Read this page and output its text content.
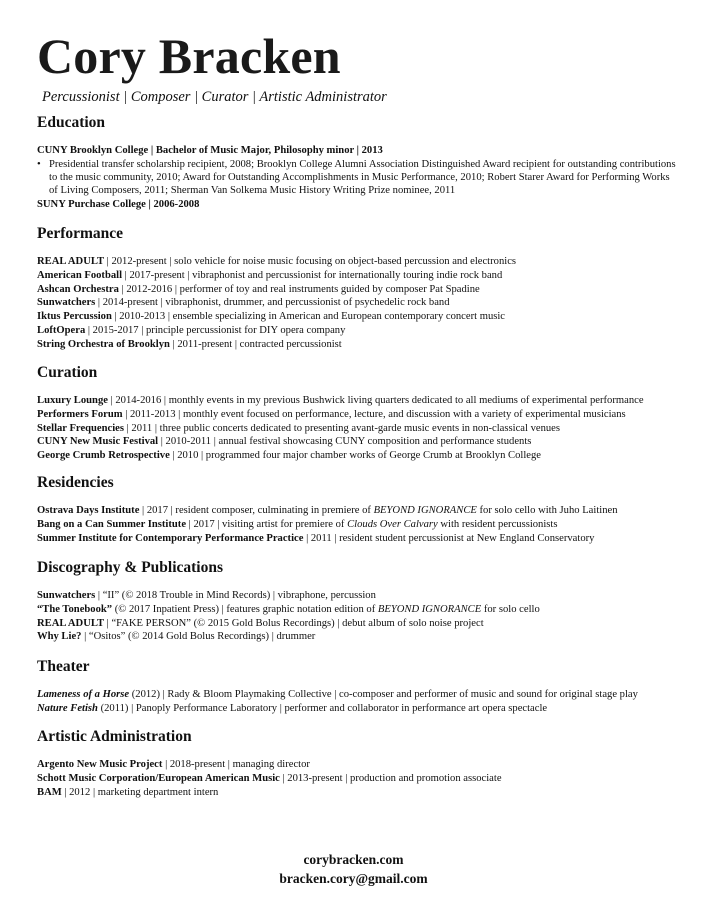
Cory Bracken
Percussionist | Composer | Curator | Artistic Administrator
Education
CUNY Brooklyn College | Bachelor of Music Major, Philosophy minor | 2013
• Presidential transfer scholarship recipient, 2008; Brooklyn College Alumni Association Distinguished Award recipient for outstanding contributions to the music community, 2010; Award for Outstanding Accomplishments in Music Performance, 2010; Robert Starer Award for Performing Works of Living Composers, 2011; Sherman Van Solkema Music History Writing Prize nominee, 2011
SUNY Purchase College | 2006-2008
Performance
REAL ADULT | 2012-present | solo vehicle for noise music focusing on object-based percussion and electronics
American Football | 2017-present | vibraphonist and percussionist for internationally touring indie rock band
Ashcan Orchestra | 2012-2016 | performer of toy and real instruments guided by composer Pat Spadine
Sunwatchers | 2014-present | vibraphonist, drummer, and percussionist of psychedelic rock band
Iktus Percussion | 2010-2013 | ensemble specializing in American and European contemporary concert music
LoftOpera | 2015-2017 | principle percussionist for DIY opera company
String Orchestra of Brooklyn | 2011-present | contracted percussionist
Curation
Luxury Lounge | 2014-2016 | monthly events in my previous Bushwick living quarters dedicated to all mediums of experimental performance
Performers Forum | 2011-2013 | monthly event focused on performance, lecture, and discussion with a variety of experimental musicians
Stellar Frequencies | 2011 | three public concerts dedicated to presenting avant-garde music events in non-classical venues
CUNY New Music Festival | 2010-2011 | annual festival showcasing CUNY composition and performance students
George Crumb Retrospective | 2010 | programmed four major chamber works of George Crumb at Brooklyn College
Residencies
Ostrava Days Institute | 2017 | resident composer, culminating in premiere of BEYOND IGNORANCE for solo cello with Juho Laitinen
Bang on a Can Summer Institute | 2017 | visiting artist for premiere of Clouds Over Calvary with resident percussionists
Summer Institute for Contemporary Performance Practice | 2011 | resident student percussionist at New England Conservatory
Discography & Publications
Sunwatchers | “II” (© 2018 Trouble in Mind Records) | vibraphone, percussion
“The Tonebook” (© 2017 Inpatient Press) | features graphic notation edition of BEYOND IGNORANCE for solo cello
REAL ADULT | “FAKE PERSON” (© 2015 Gold Bolus Recordings) | debut album of solo noise project
Why Lie? | “Ositos” (© 2014 Gold Bolus Recordings) | drummer
Theater
Lameness of a Horse (2012) | Rady & Bloom Playmaking Collective | co-composer and performer of music and sound for original stage play
Nature Fetish (2011) | Panoply Performance Laboratory | performer and collaborator in performance art opera spectacle
Artistic Administration
Argento New Music Project | 2018-present | managing director
Schott Music Corporation/European American Music | 2013-present | production and promotion associate
BAM | 2012 | marketing department intern
corybracken.com
bracken.cory@gmail.com
